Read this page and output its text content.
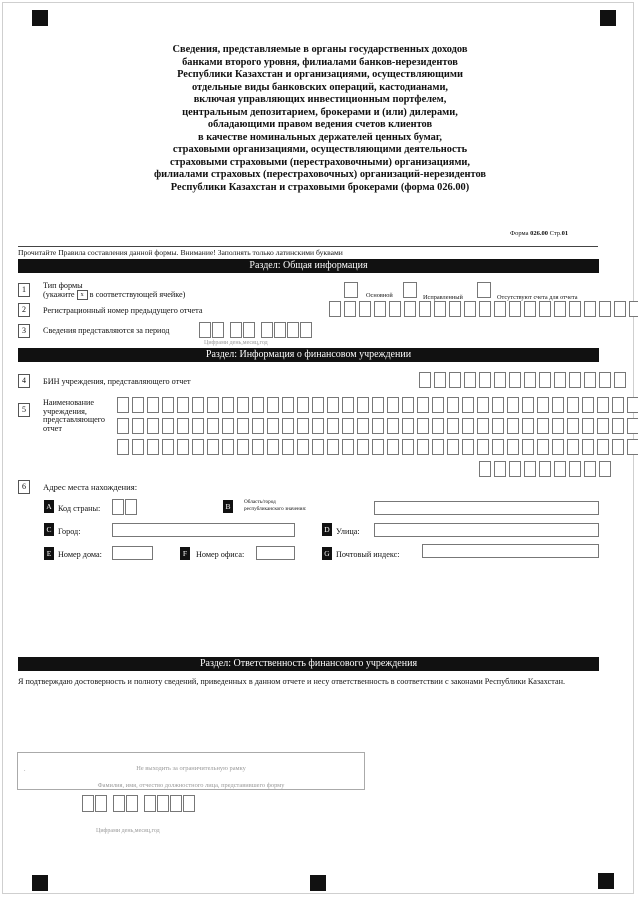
Сведения, представляемые в органы государственных доходов
банками второго уровня, филиалами банков-нерезидентов
Республики Казахстан и организациями, осуществляющими
отдельные виды банковских операций, кастодианами,
включая управляющих инвестиционным портфелем,
центральным депозитарием, брокерами и (или) дилерами,
обладающими правом ведения счетов клиентов
в качестве номинальных держателей ценных бумаг,
страховыми организациями, осуществляющими деятельность
страховыми страховыми (перестраховочными) организациями,
филиалами страховых (перестраховочных) организаций-нерезидентов
Республики Казахстан и страховыми брокерами (форма 026.00)
Форма 026.00 Стр.01
Прочитайте Правила составления данной формы. Внимание! Заполнять только латинскими буквами
Раздел: Общая информация
1	Тип формы
(укажите x в соответствующей ячейке)	Основной	Исправленный	Отсутствуют счета для отчета
2	Регистрационный номер предыдущего отчета
3	Сведения представляются за период
Цифрами день,месяц,год
Раздел: Информация о финансовом учреждении
4	БИН учреждения, представляющего отчет
5
Наименование
учреждения,
представляющего
отчет
6	Адрес места нахождения:
A Код страны:	B	Область/город
республиканского значения:
C Город:	D Улица:
E Номер дома:	F	Номер офиса:	G Почтовый индекс:
Раздел: Ответственность финансового учреждения
Я подтверждаю достоверность и полноту сведений, приведенных в данном отчете и несу ответственность в соответствии с законами Республики Казахстан.
.	Не выходить за ограничительную рамку
Фамилия, имя, отчество должностного лица, представившего форму
Цифрами день,месяц,год
